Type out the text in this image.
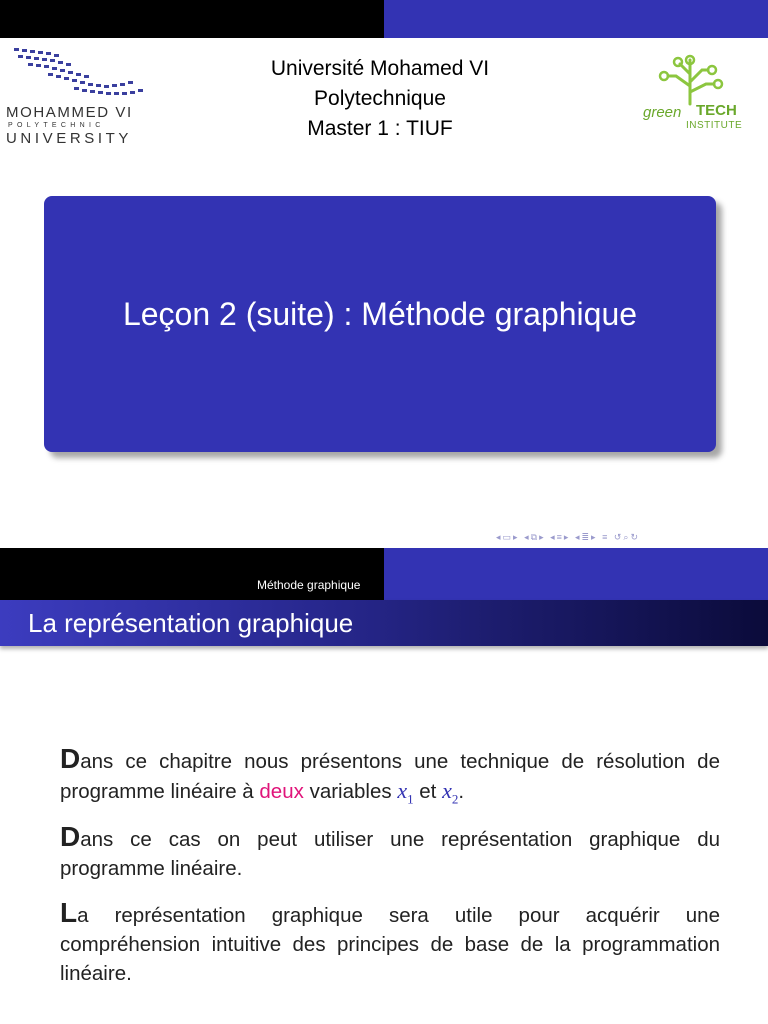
MOHAMMED VI
POLYTECHNIC
UNIVERSITY
Université Mohamed VI
Polytechnique
Master 1 : TIUF
green TECH
INSTITUTE
Leçon 2 (suite) : Méthode graphique
◂▭▸ ◂⧉▸ ◂≡▸ ◂≣▸ ≡ ↺⌕↻
Méthode graphique
La représentation graphique
Dans ce chapitre nous présentons une technique de résolution de programme linéaire à deux variables $x_1$ et $x_2$.
Dans ce cas on peut utiliser une représentation graphique du programme linéaire.
La représentation graphique sera utile pour acquérir une compréhension intuitive des principes de base de la programmation linéaire.
